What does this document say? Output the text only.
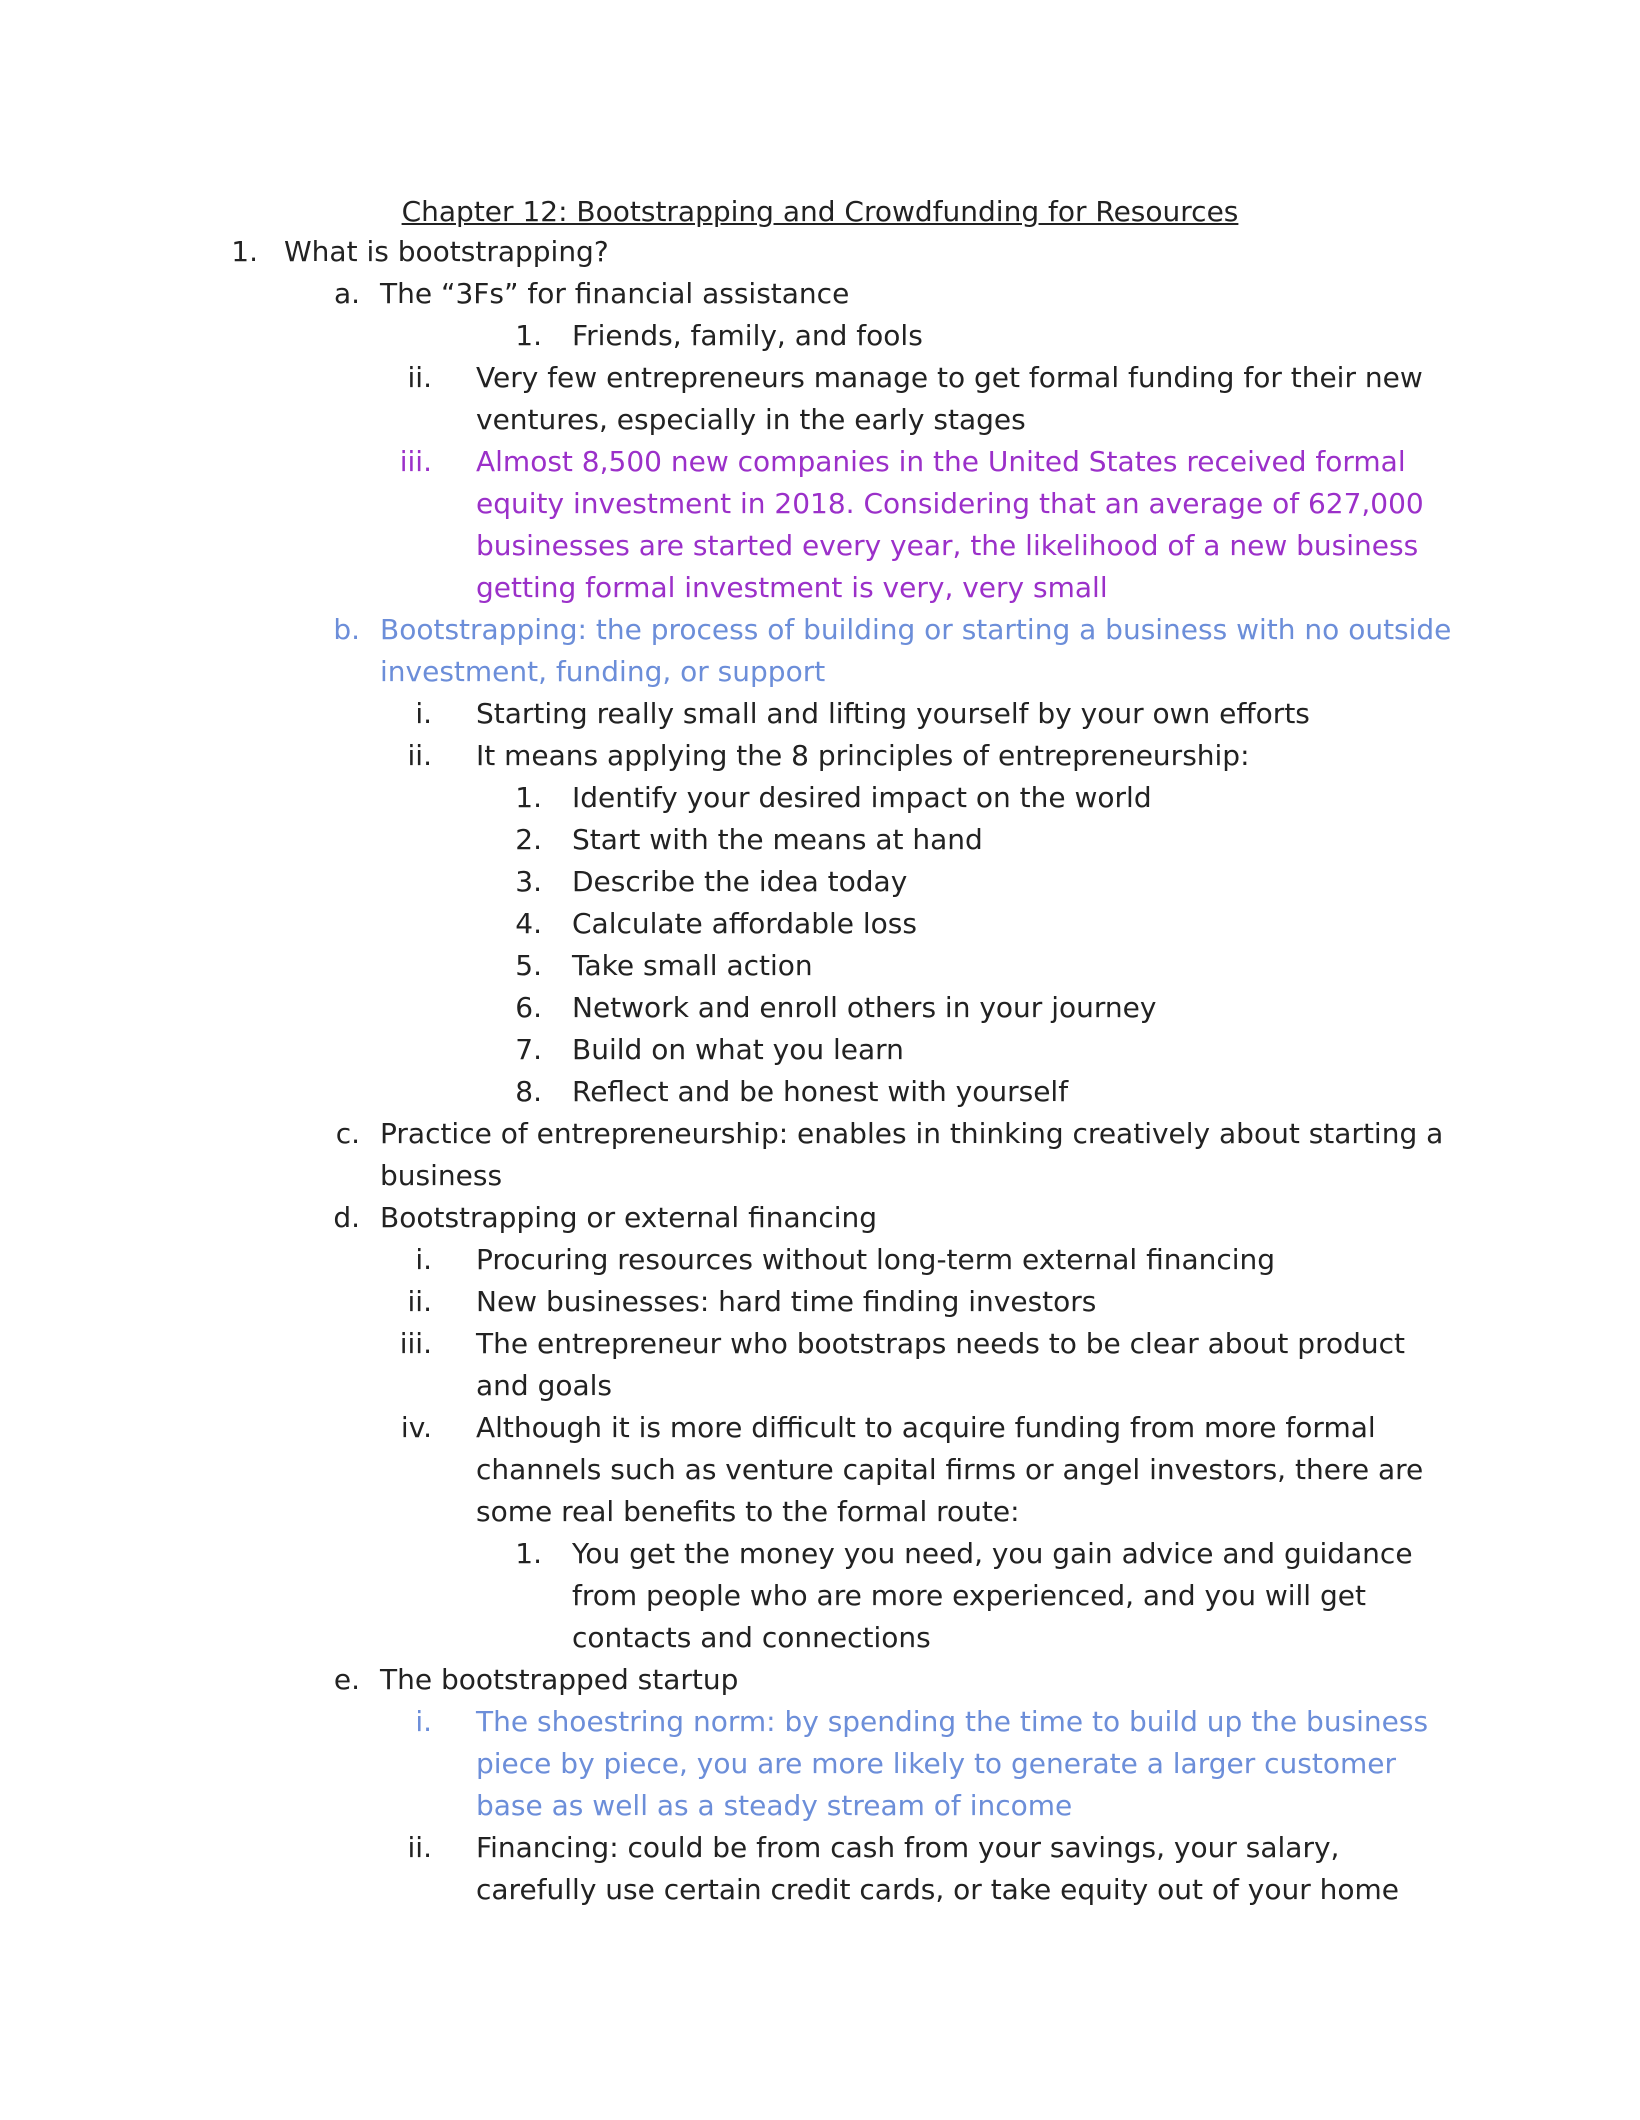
Chapter 12: Bootstrapping and Crowdfunding for Resources
1. What is bootstrapping?
a. The “3Fs” for financial assistance
1. Friends, family, and fools
ii. Very few entrepreneurs manage to get formal funding for their new
ventures, especially in the early stages
iii. Almost 8,500 new companies in the United States received formal
equity investment in 2018. Considering that an average of 627,000
businesses are started every year, the likelihood of a new business
getting formal investment is very, very small
b. Bootstrapping: the process of building or starting a business with no outside
investment, funding, or support
i. Starting really small and lifting yourself by your own efforts
ii. It means applying the 8 principles of entrepreneurship:
1. Identify your desired impact on the world
2. Start with the means at hand
3. Describe the idea today
4. Calculate affordable loss
5. Take small action
6. Network and enroll others in your journey
7. Build on what you learn
8. Reflect and be honest with yourself
c. Practice of entrepreneurship: enables in thinking creatively about starting a
business
d. Bootstrapping or external financing
i. Procuring resources without long-term external financing
ii. New businesses: hard time finding investors
iii. The entrepreneur who bootstraps needs to be clear about product
and goals
iv. Although it is more difficult to acquire funding from more formal
channels such as venture capital firms or angel investors, there are
some real benefits to the formal route:
1. You get the money you need, you gain advice and guidance
from people who are more experienced, and you will get
contacts and connections
e. The bootstrapped startup
i. The shoestring norm: by spending the time to build up the business
piece by piece, you are more likely to generate a larger customer
base as well as a steady stream of income
ii. Financing: could be from cash from your savings, your salary,
carefully use certain credit cards, or take equity out of your home
